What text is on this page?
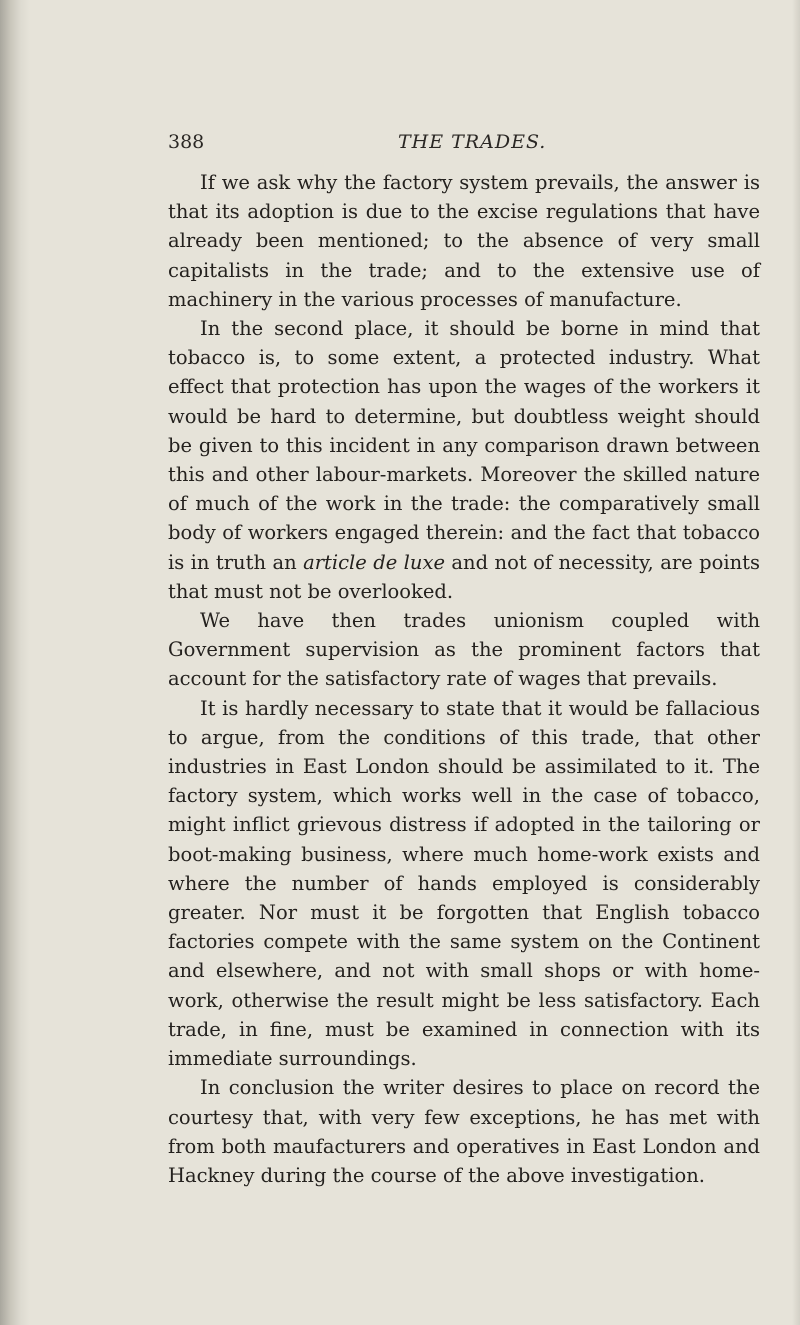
388	THE TRADES.

If we ask why the factory system prevails, the answer is that its adoption is due to the excise regulations that have already been mentioned; to the absence of very small capitalists in the trade; and to the extensive use of machinery in the various processes of manufacture.

In the second place, it should be borne in mind that tobacco is, to some extent, a protected industry. What effect that protection has upon the wages of the workers it would be hard to determine, but doubtless weight should be given to this incident in any comparison drawn between this and other labour-markets. Moreover the skilled nature of much of the work in the trade: the comparatively small body of workers engaged therein: and the fact that tobacco is in truth an article de luxe and not of necessity, are points that must not be overlooked.

We have then trades unionism coupled with Government supervision as the prominent factors that account for the satisfactory rate of wages that prevails.

It is hardly necessary to state that it would be fallacious to argue, from the conditions of this trade, that other industries in East London should be assimilated to it. The factory system, which works well in the case of tobacco, might inflict grievous distress if adopted in the tailoring or boot-making business, where much home-work exists and where the number of hands employed is considerably greater. Nor must it be forgotten that English tobacco factories compete with the same system on the Continent and elsewhere, and not with small shops or with home-work, otherwise the result might be less satisfactory. Each trade, in fine, must be examined in connection with its immediate surroundings.

In conclusion the writer desires to place on record the courtesy that, with very few exceptions, he has met with from both maufacturers and operatives in East London and Hackney during the course of the above investigation.
